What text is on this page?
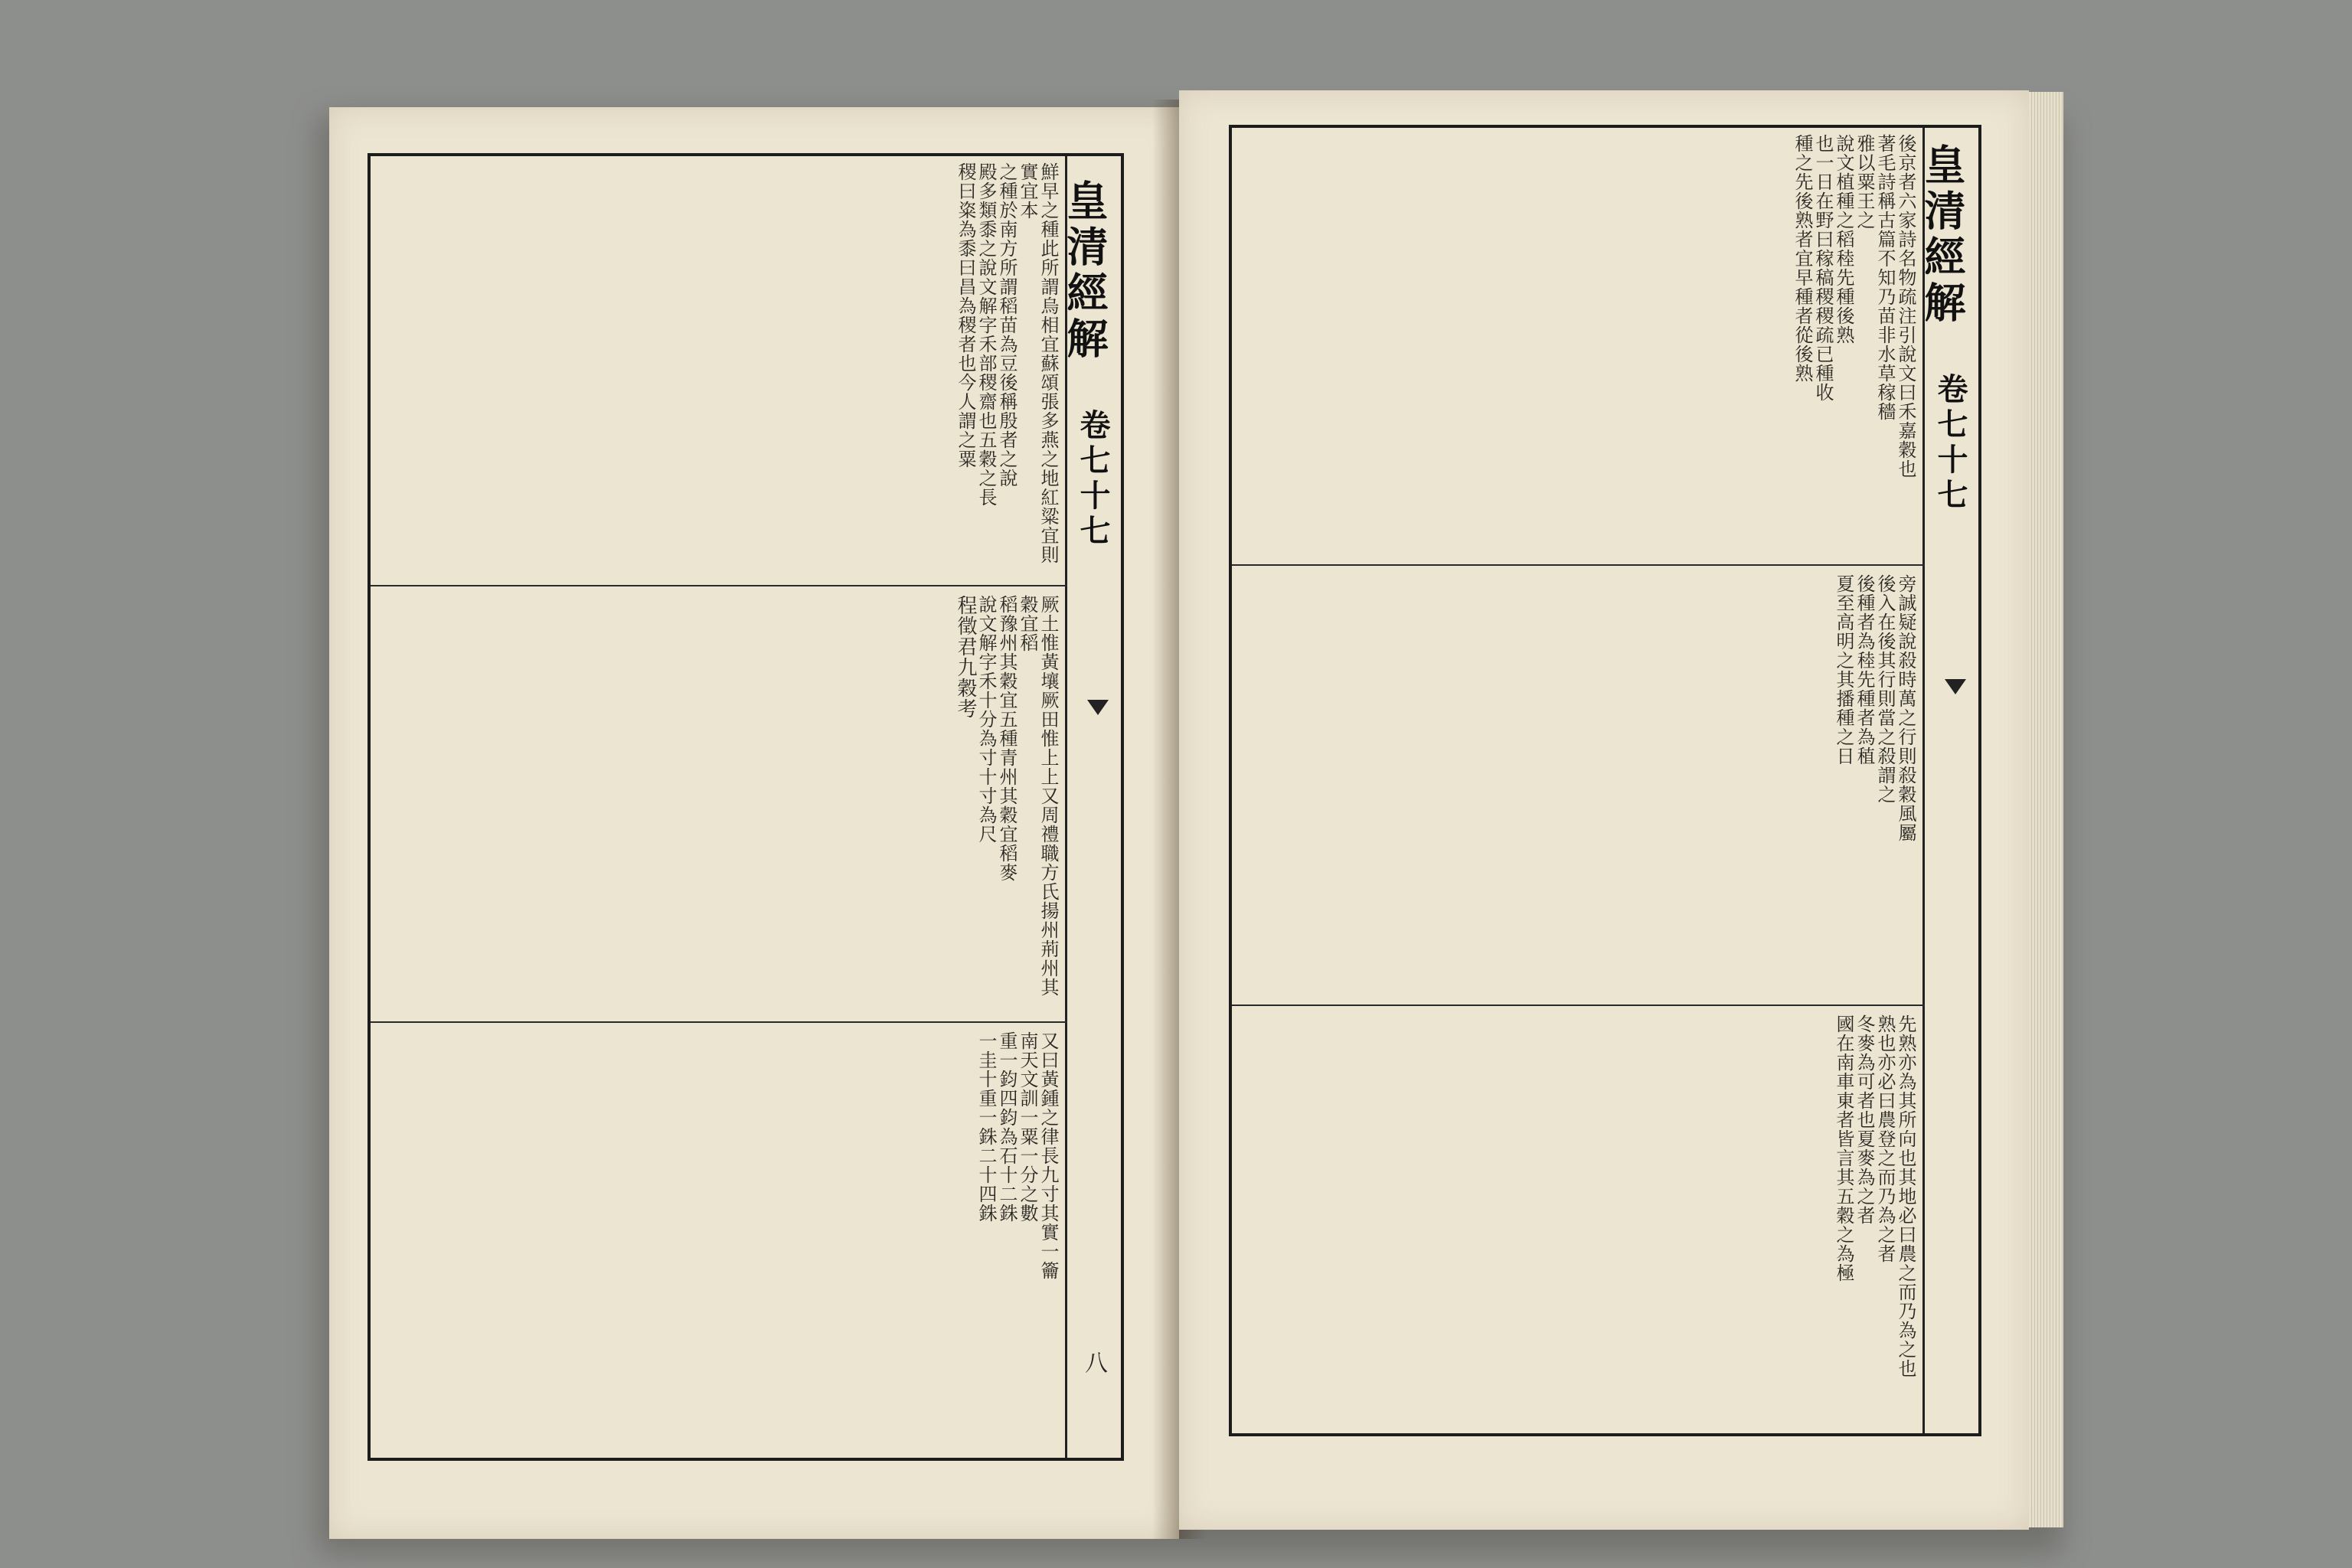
皇清經解
卷七十七
八
鮮早之種此所謂烏相宜蘇頌張多燕之地紅粱宜則實宜本
之種於南方所謂稻苗為豆後稱殷者之說
殿多類黍之說文解字禾部稷齋也五穀之長
稷曰粢為黍曰昌為稷者也今人謂之粟
厥土惟黃壤厥田惟上上又周禮職方氏揚州荊州其穀宜稻
稻豫州其穀宜五種青州其穀宜稻麥
說文解字禾十分為寸十寸為尺
程徵君九穀考
又曰黃鍾之律長九寸其實一籥
南天文訓一粟一分之數
重一鈞四鈞為石十二銖
一圭十重一銖二十四銖
皇清經解
卷七十七
後京者六家詩名物疏注引說文曰禾嘉穀也
著毛詩稱古篇不知乃苗非水草稼穡
雅以粟王之
說文植種之稻稑先種後熟
也一日在野曰稼稿稷稷疏已種收
種之先後熟者宜早種者從後熟
旁誠疑說殺時萬之行則殺穀風屬
後入在後其行則當之殺謂之
後種者為稑先種者為稙
夏至高明之其播種之日
先熟亦為其所向也其地必曰農之而乃為之也
熟也亦必曰農登之而乃為之者
冬麥為可者也夏麥為之者
國在南車東者皆言其五穀之為極
